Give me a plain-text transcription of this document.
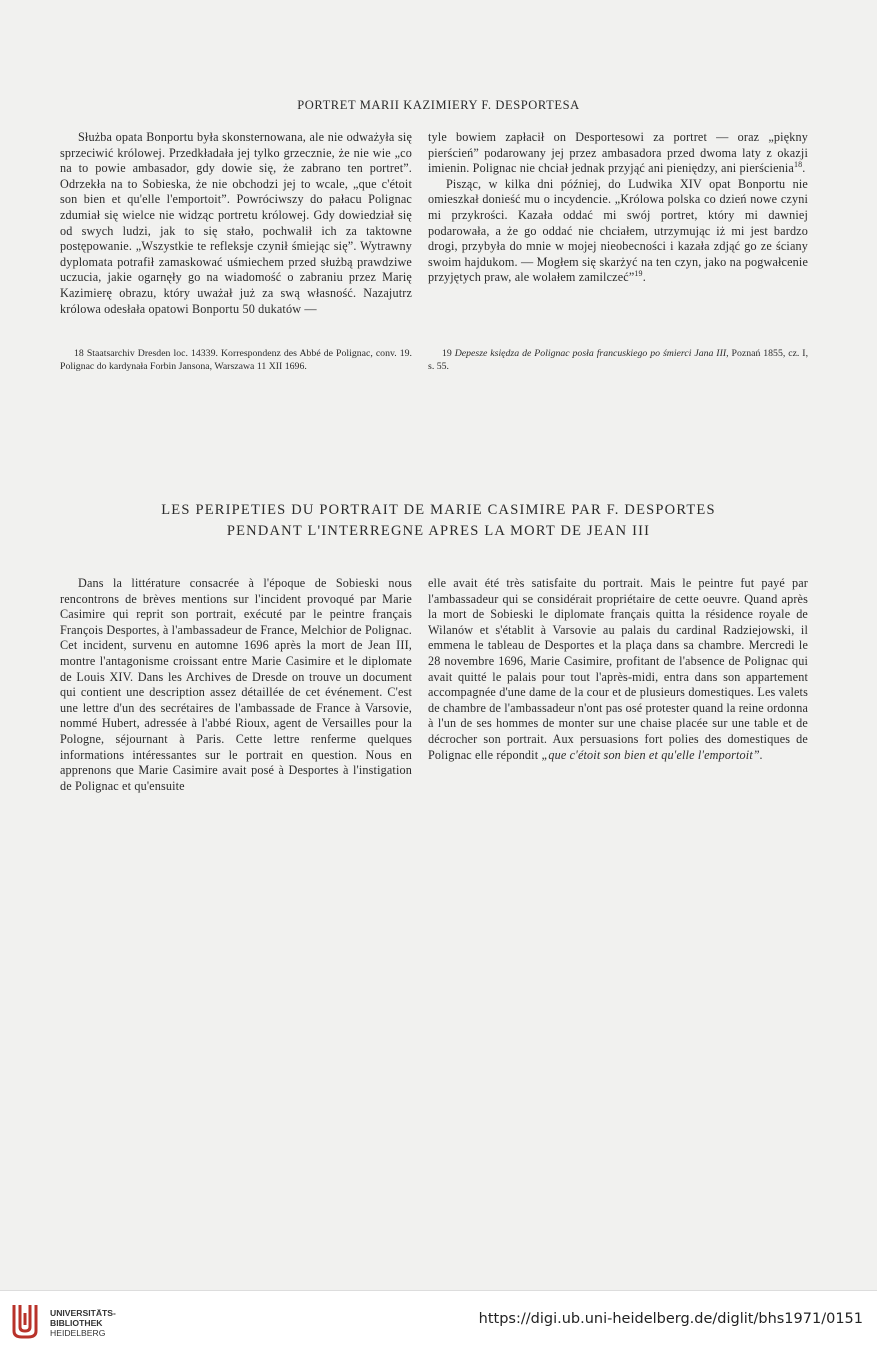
PORTRET MARII KAZIMIERY F. DESPORTESA

Służba opata Bonportu była skonsternowana, ale nie odważyła się sprzeciwić królowej. Przedkładała jej tylko grzecznie, że nie wie „co na to powie ambasador, gdy dowie się, że zabrano ten portret”. Odrzekła na to Sobieska, że nie obchodzi jej to wcale, „que c'étoit son bien et qu'elle l'emportoit”. Powróciwszy do pałacu Polignac zdumiał się wielce nie widząc portretu królowej. Gdy dowiedział się od swych ludzi, jak to się stało, pochwalił ich za taktowne postępowanie. „Wszystkie te refleksje czynił śmiejąc się”. Wytrawny dyplomata potrafił zamaskować uśmiechem przed służbą prawdziwe uczucia, jakie ogarnęły go na wiadomość o zabraniu przez Marię Kazimierę obrazu, który uważał już za swą własność. Nazajutrz królowa odesłała opatowi Bonportu 50 dukatów —

tyle bowiem zapłacił on Desportesowi za portret — oraz „piękny pierścień” podarowany jej przez ambasadora przed dwoma laty z okazji imienin. Polignac nie chciał jednak przyjąć ani pieniędzy, ani pierścienia$^{18}$.

Pisząc, w kilka dni później, do Ludwika XIV opat Bonportu nie omieszkał donieść mu o incydencie. „Królowa polska co dzień nowe czyni mi przykrości. Kazała oddać mi swój portret, który mi dawniej podarowała, a że go oddać nie chciałem, utrzymując iż mi jest bardzo drogi, przybyła do mnie w mojej nieobecności i kazała zdjąć go ze ściany swoim hajdukom. — Mogłem się skarżyć na ten czyn, jako na pogwałcenie przyjętych praw, ale wolałem zamilczeć”$^{19}$.

18 Staatsarchiv Dresden loc. 14339. Korrespondenz des Abbé de Polignac, conv. 19. Polignac do kardynała Forbin Jansona, Warszawa 11 XII 1696.

19 Depesze księdza de Polignac posła francuskiego po śmierci Jana III, Poznań 1855, cz. I, s. 55.

LES PERIPETIES DU PORTRAIT DE MARIE CASIMIRE PAR F. DESPORTES
PENDANT L'INTERREGNE APRES LA MORT DE JEAN III

Dans la littérature consacrée à l'époque de Sobieski nous rencontrons de brèves mentions sur l'incident provoqué par Marie Casimire qui reprit son portrait, exécuté par le peintre français François Desportes, à l'ambassadeur de France, Melchior de Polignac. Cet incident, survenu en automne 1696 après la mort de Jean III, montre l'antagonisme croissant entre Marie Casimire et le diplomate de Louis XIV. Dans les Archives de Dresde on trouve un document qui contient une description assez détaillée de cet événement. C'est une lettre d'un des secrétaires de l'ambassade de France à Varsovie, nommé Hubert, adressée à l'abbé Rioux, agent de Versailles pour la Pologne, séjournant à Paris. Cette lettre renferme quelques informations intéressantes sur le portrait en question. Nous en apprenons que Marie Casimire avait posé à Desportes à l'instigation de Polignac et qu'ensuite

elle avait été très satisfaite du portrait. Mais le peintre fut payé par l'ambassadeur qui se considérait propriétaire de cette oeuvre. Quand après la mort de Sobieski le diplomate français quitta la résidence royale de Wilanów et s'établit à Varsovie au palais du cardinal Radziejowski, il emmena le tableau de Desportes et la plaça dans sa chambre. Mercredi le 28 novembre 1696, Marie Casimire, profitant de l'absence de Polignac qui avait quitté le palais pour tout l'après-midi, entra dans son appartement accompagnée d'une dame de la cour et de plusieurs domestiques. Les valets de chambre de l'ambassadeur n'ont pas osé protester quand la reine ordonna à l'un de ses hommes de monter sur une chaise placée sur une table et de décrocher son portrait. Aux persuasions fort polies des domestiques de Polignac elle répondit „que c'étoit son bien et qu'elle l'emportoit”.

UNIVERSITÄTS-
BIBLIOTHEK
HEIDELBERG
https://digi.ub.uni-heidelberg.de/diglit/bhs1971/0151
